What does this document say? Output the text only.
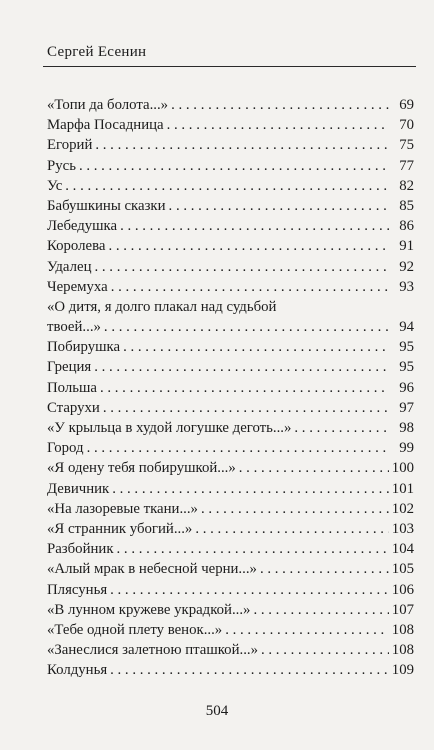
Сергей Есенин
«Топи да болота...» . . .	69
Марфа Посадница . . .	70
Егорий . . .	75
Русь . . .	77
Ус . . .	82
Бабушкины сказки . . .	85
Лебедушка . . .	86
Королева . . .	91
Удалец . . .	92
Черемуха . . .	93
«О дитя, я долго плакал над судьбой
твоей...» . . .	94
Побирушка . . .	95
Греция . . .	95
Польша . . .	96
Старухи . . .	97
«У крыльца в худой логушке деготь...» . . .	98
Город . . .	99
«Я одену тебя побирушкой...» . . .	100
Девичник . . .	101
«На лазоревые ткани...» . . .	102
«Я странник убогий...» . . .	103
Разбойник . . .	104
«Алый мрак в небесной черни...» . . .	105
Плясунья . . .	106
«В лунном кружеве украдкой...» . . .	107
«Тебе одной плету венок...» . . .	108
«Занеслися залетною пташкой...» . . .	108
Колдунья . . .	109
504
